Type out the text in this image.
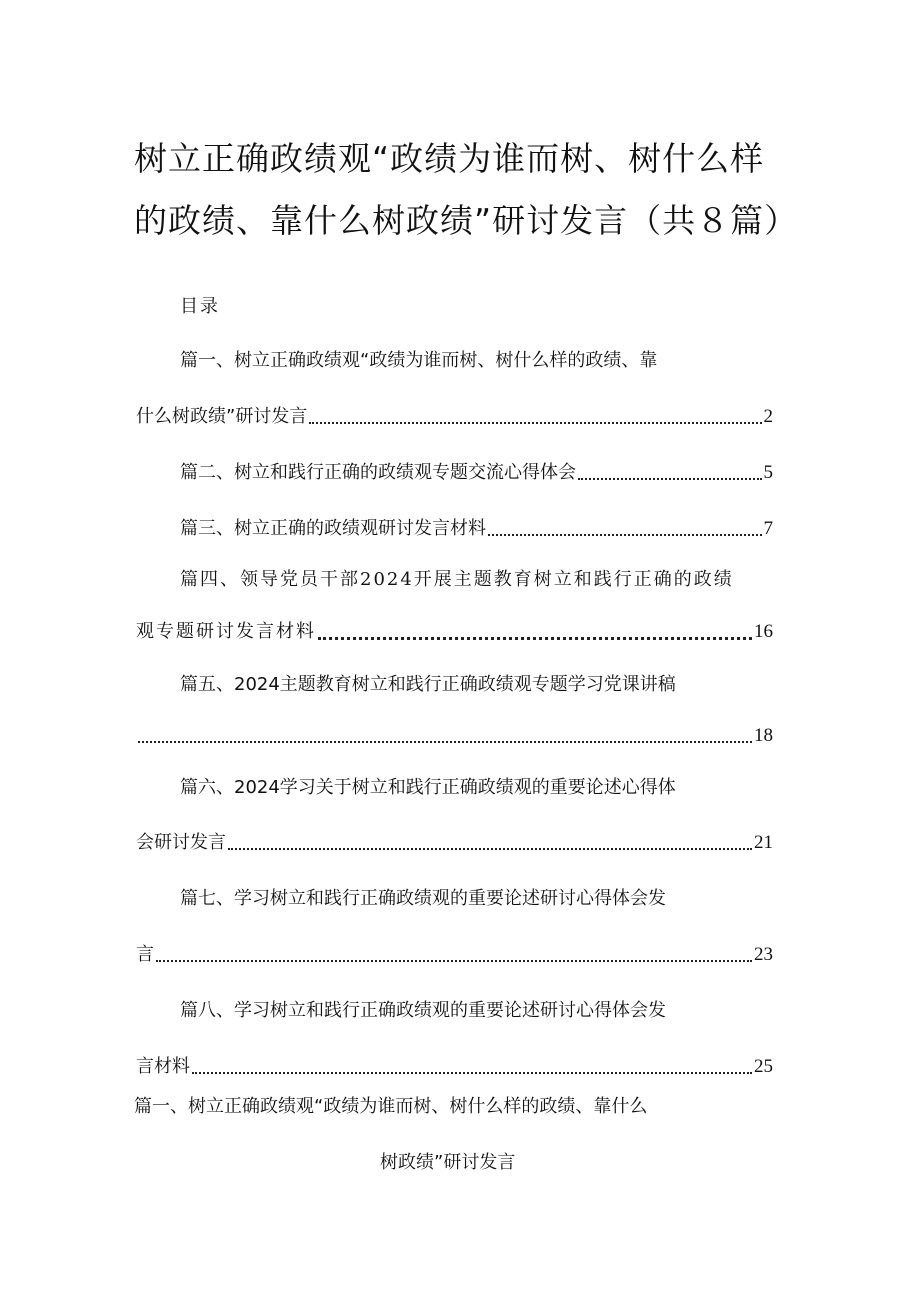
树立正确政绩观“政绩为谁而树、树什么样
的政绩、靠什么树政绩”研讨发言（共８篇）
目录
篇一、树立正确政绩观“政绩为谁而树、树什么样的政绩、靠
什么树政绩”研讨发言	2
篇二、树立和践行正确的政绩观专题交流心得体会	5
篇三、树立正确的政绩观研讨发言材料	7
篇四、领导党员干部2024开展主题教育树立和践行正确的政绩
观专题研讨发言材料	16
篇五、2024主题教育树立和践行正确政绩观专题学习党课讲稿
18
篇六、2024学习关于树立和践行正确政绩观的重要论述心得体
会研讨发言	21
篇七、学习树立和践行正确政绩观的重要论述研讨心得体会发
言	23
篇八、学习树立和践行正确政绩观的重要论述研讨心得体会发
言材料	25
篇一、树立正确政绩观“政绩为谁而树、树什么样的政绩、靠什么
树政绩”研讨发言
